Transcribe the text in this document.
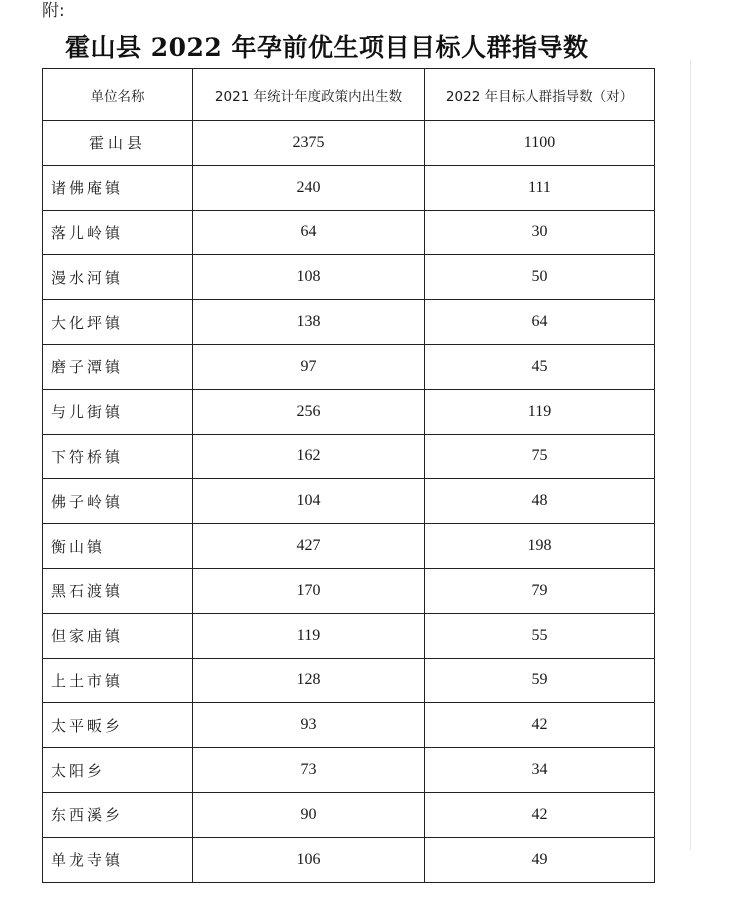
附:
霍山县 2022 年孕前优生项目目标人群指导数
单位名称	2021 年统计年度政策内出生数	2022 年目标人群指导数（对）
霍山县	2375	1100
诸佛庵镇	240	111
落儿岭镇	64	30
漫水河镇	108	50
大化坪镇	138	64
磨子潭镇	97	45
与儿街镇	256	119
下符桥镇	162	75
佛子岭镇	104	48
衡山镇	427	198
黑石渡镇	170	79
但家庙镇	119	55
上土市镇	128	59
太平畈乡	93	42
太阳乡	73	34
东西溪乡	90	42
单龙寺镇	106	49
